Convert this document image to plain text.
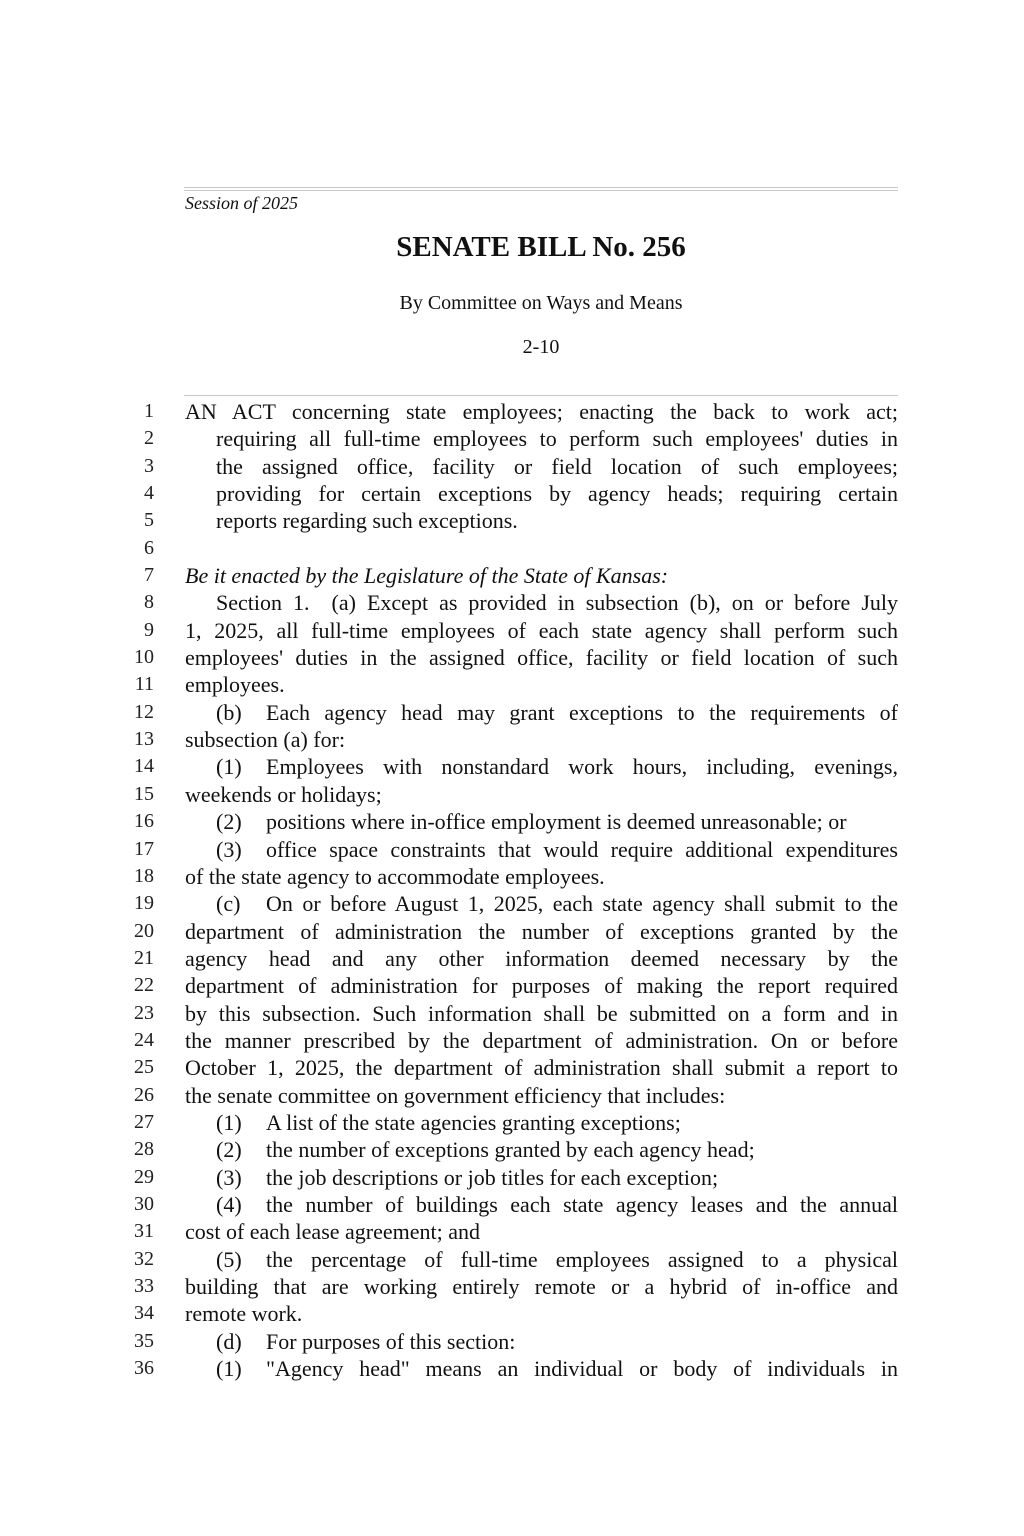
Session of 2025
SENATE BILL No. 256
By Committee on Ways and Means
2-10
1
2
3
4
5
6
7
8
9
10
11
12
13
14
15
16
17
18
19
20
21
22
23
24
25
26
27
28
29
30
31
32
33
34
35
36
AN ACT concerning state employees; enacting the back to work act;
requiring all full-time employees to perform such employees' duties in
the assigned office, facility or field location of such employees;
providing for certain exceptions by agency heads; requiring certain
reports regarding such exceptions.
Be it enacted by the Legislature of the State of Kansas:
Section 1. (a) Except as provided in subsection (b), on or before July
1, 2025, all full-time employees of each state agency shall perform such
employees' duties in the assigned office, facility or field location of such
employees.
(b) Each agency head may grant exceptions to the requirements of
subsection (a) for:
(1) Employees with nonstandard work hours, including, evenings,
weekends or holidays;
(2) positions where in-office employment is deemed unreasonable; or
(3) office space constraints that would require additional expenditures
of the state agency to accommodate employees.
(c) On or before August 1, 2025, each state agency shall submit to the
department of administration the number of exceptions granted by the
agency head and any other information deemed necessary by the
department of administration for purposes of making the report required
by this subsection. Such information shall be submitted on a form and in
the manner prescribed by the department of administration. On or before
October 1, 2025, the department of administration shall submit a report to
the senate committee on government efficiency that includes:
(1) A list of the state agencies granting exceptions;
(2) the number of exceptions granted by each agency head;
(3) the job descriptions or job titles for each exception;
(4) the number of buildings each state agency leases and the annual
cost of each lease agreement; and
(5) the percentage of full-time employees assigned to a physical
building that are working entirely remote or a hybrid of in-office and
remote work.
(d) For purposes of this section:
(1) "Agency head" means an individual or body of individuals in
